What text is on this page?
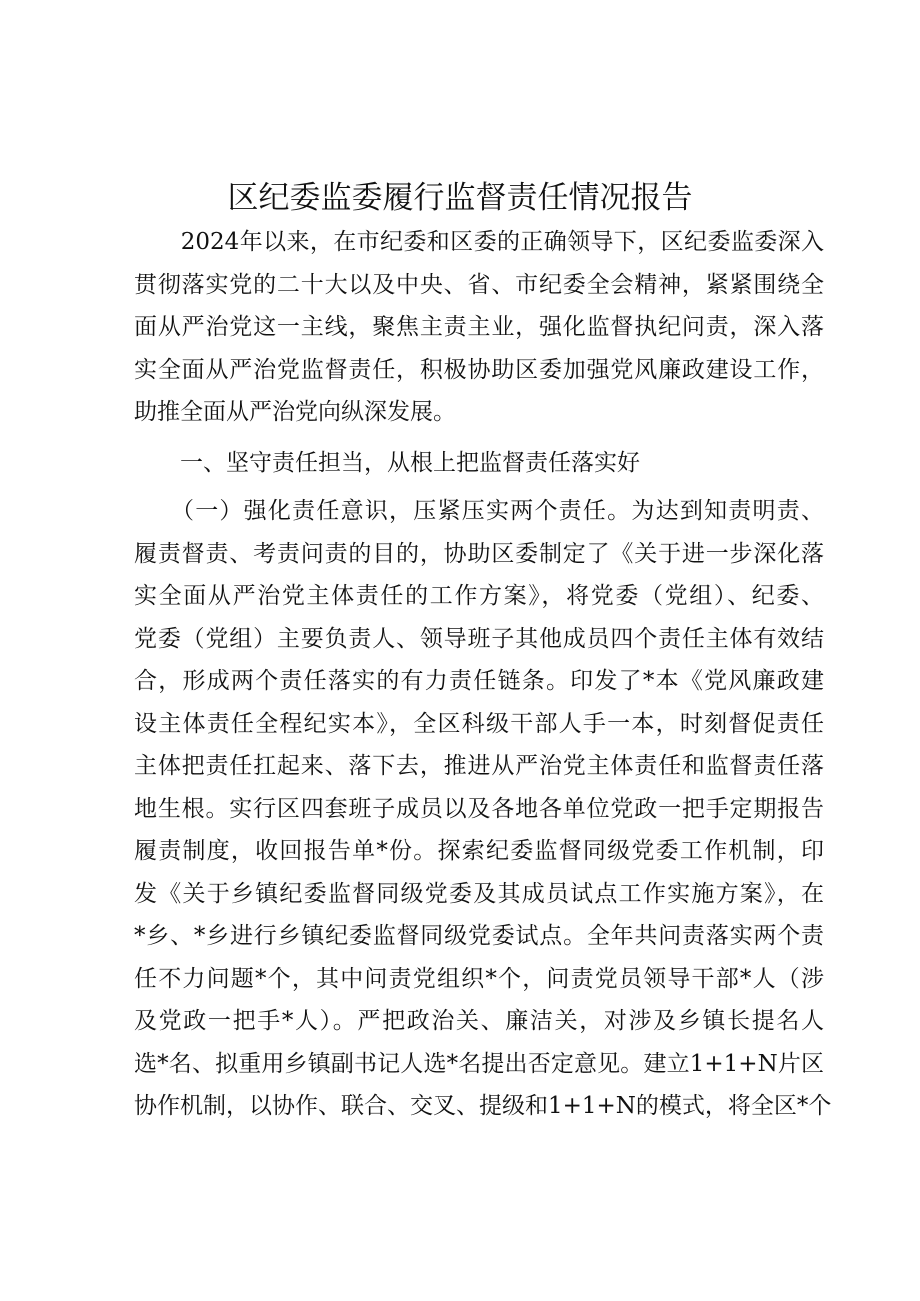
区纪委监委履行监督责任情况报告
　　2024年以来，在市纪委和区委的正确领导下，区纪委监委深入
贯彻落实党的二十大以及中央、省、市纪委全会精神，紧紧围绕全
面从严治党这一主线，聚焦主责主业，强化监督执纪问责，深入落
实全面从严治党监督责任，积极协助区委加强党风廉政建设工作，
助推全面从严治党向纵深发展。
　　一、坚守责任担当，从根上把监督责任落实好
　　（一）强化责任意识，压紧压实两个责任。为达到知责明责、
履责督责、考责问责的目的，协助区委制定了《关于进一步深化落
实全面从严治党主体责任的工作方案》，将党委（党组）、纪委、
党委（党组）主要负责人、领导班子其他成员四个责任主体有效结
合，形成两个责任落实的有力责任链条。印发了*本《党风廉政建
设主体责任全程纪实本》，全区科级干部人手一本，时刻督促责任
主体把责任扛起来、落下去，推进从严治党主体责任和监督责任落
地生根。实行区四套班子成员以及各地各单位党政一把手定期报告
履责制度，收回报告单*份。探索纪委监督同级党委工作机制，印
发《关于乡镇纪委监督同级党委及其成员试点工作实施方案》，在
*乡、*乡进行乡镇纪委监督同级党委试点。全年共问责落实两个责
任不力问题*个，其中问责党组织*个，问责党员领导干部*人（涉
及党政一把手*人）。严把政治关、廉洁关，对涉及乡镇长提名人
选*名、拟重用乡镇副书记人选*名提出否定意见。建立1+1+N片区
协作机制，以协作、联合、交叉、提级和1+1+N的模式，将全区*个
